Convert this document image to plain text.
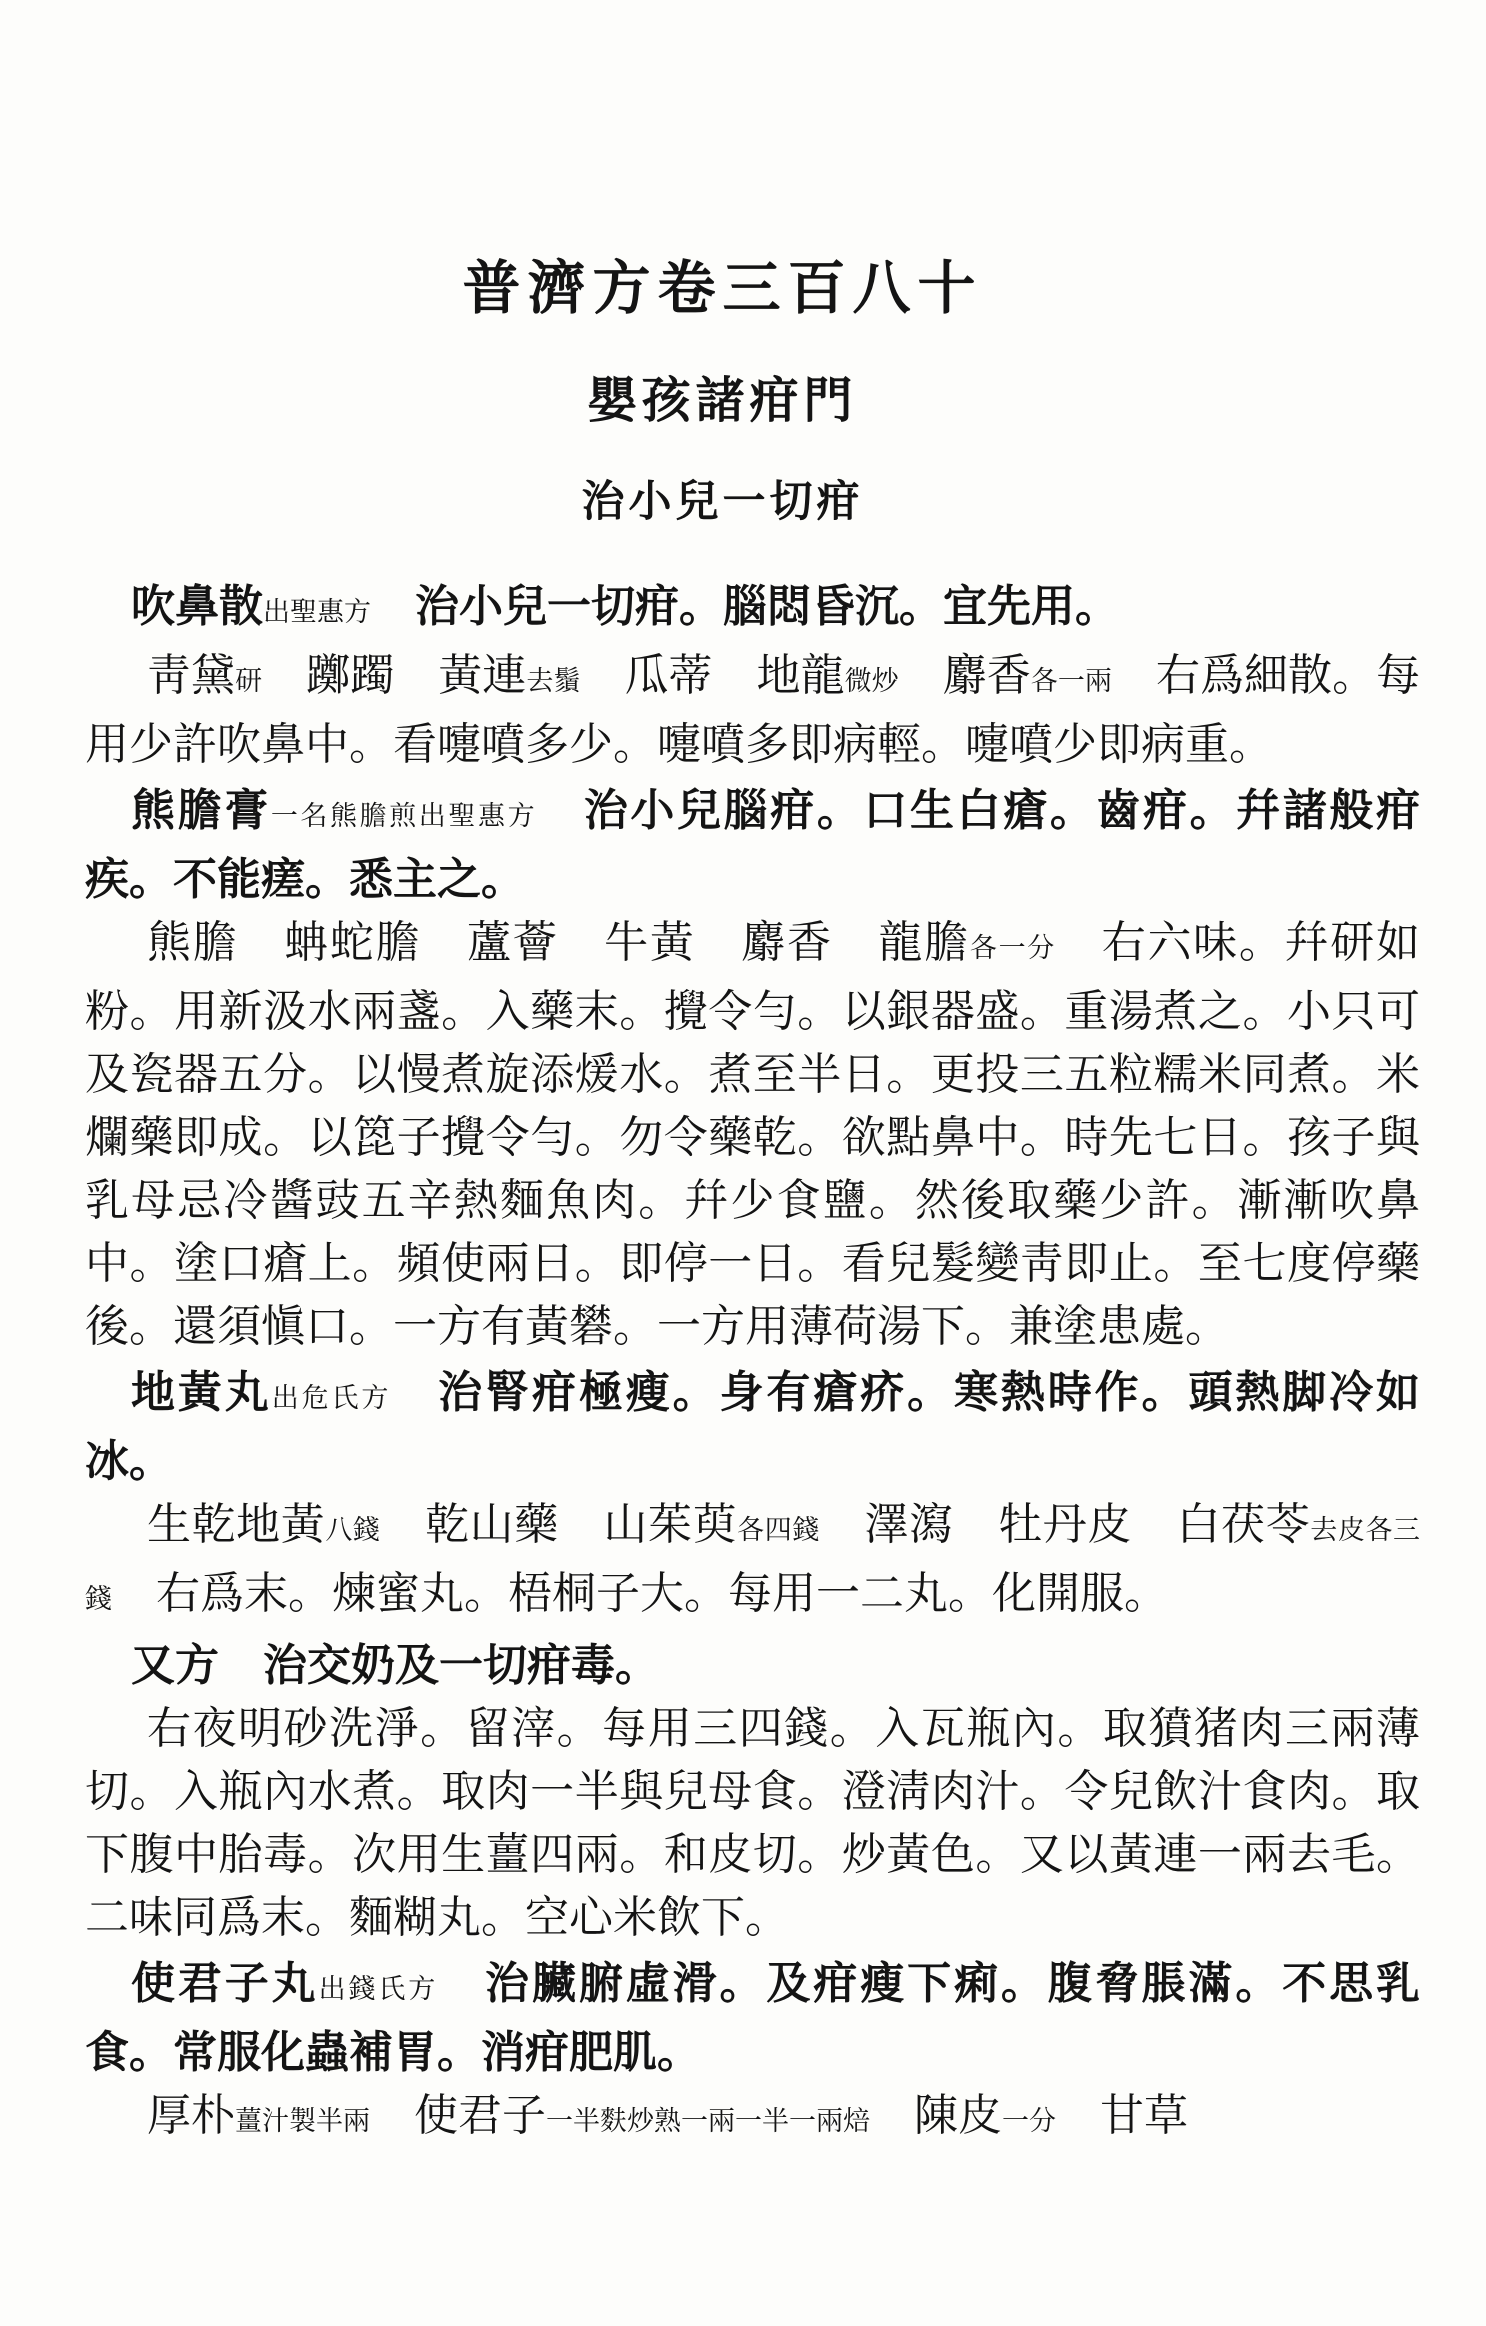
普濟方卷三百八十
嬰孩諸疳門
治小兒一切疳

吹鼻散出聖惠方　治小兒一切疳。腦悶昏沉。宜先用。

靑黛研　躑躅　黃連去鬚　瓜蒂　地龍微炒　麝香各一兩　右爲細散。每用少許吹鼻中。看嚏噴多少。嚏噴多即病輕。嚏噴少即病重。

熊膽膏一名熊膽煎出聖惠方　治小兒腦疳。口生白瘡。齒疳。幷諸般疳疾。不能瘥。悉主之。

熊膽　蚺蛇膽　蘆薈　牛黃　麝香　龍膽各一分　右六味。幷研如粉。用新汲水兩盞。入藥末。攪令勻。以銀器盛。重湯煮之。小只可及瓷器五分。以慢煮旋添煖水。煮至半日。更投三五粒糯米同煮。米爛藥即成。以箆子攪令勻。勿令藥乾。欲點鼻中。時先七日。孩子與乳母忌冷醬豉五辛熱麵魚肉。幷少食鹽。然後取藥少許。漸漸吹鼻中。塗口瘡上。頻使兩日。即停一日。看兒髮變靑即止。至七度停藥後。還須愼口。一方有黃礬。一方用薄荷湯下。兼塗患處。

地黃丸出危氏方　治腎疳極瘦。身有瘡疥。寒熱時作。頭熱脚冷如冰。

生乾地黃八錢　乾山藥　山茱萸各四錢　澤瀉　牡丹皮　白茯苓去皮各三錢　右爲末。煉蜜丸。梧桐子大。每用一二丸。化開服。

又方　治交奶及一切疳毒。

右夜明砂洗淨。留滓。每用三四錢。入瓦瓶內。取獖猪肉三兩薄切。入瓶內水煮。取肉一半與兒母食。澄淸肉汁。令兒飲汁食肉。取下腹中胎毒。次用生薑四兩。和皮切。炒黃色。又以黃連一兩去毛。二味同爲末。麵糊丸。空心米飲下。

使君子丸出錢氏方　治臟腑虛滑。及疳瘦下痢。腹脅脹滿。不思乳食。常服化蟲補胃。消疳肥肌。

厚朴薑汁製半兩　使君子一半麩炒熟一兩一半一兩焙　陳皮一分　甘草
